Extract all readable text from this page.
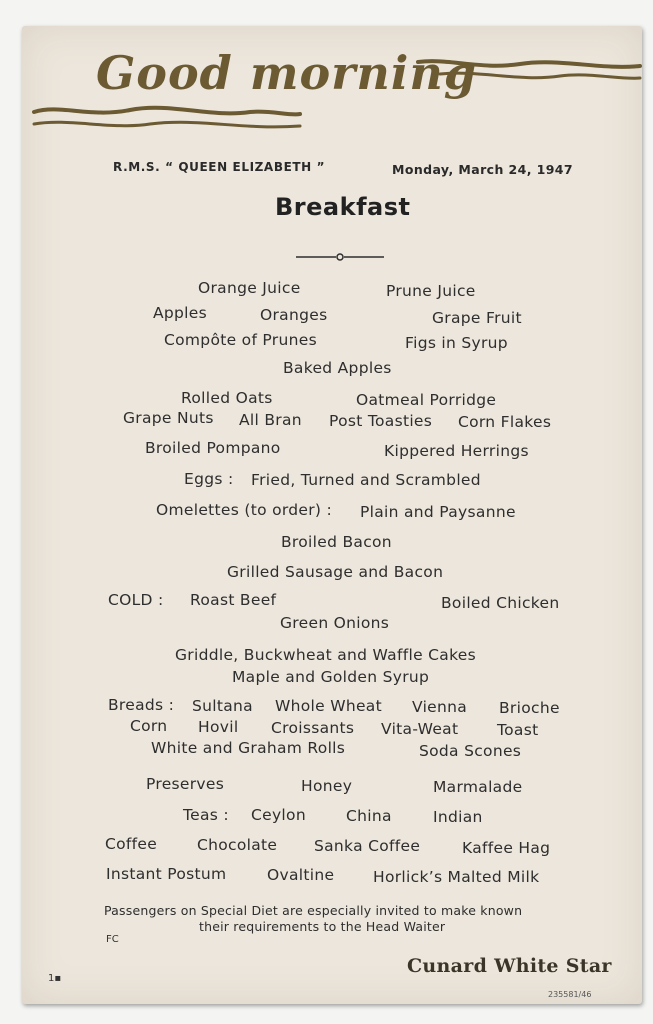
Good morning
R.M.S. “ QUEEN ELIZABETH ”	Monday, March 24, 1947
Breakfast
Orange Juice	Prune Juice
Apples	Oranges	Grape Fruit
Compôte of Prunes	Figs in Syrup
Baked Apples
Rolled Oats	Oatmeal Porridge
Grape Nuts All Bran Post Toasties Corn Flakes
Broiled Pompano	Kippered Herrings
Eggs : Fried, Turned and Scrambled
Omelettes (to order) : Plain and Paysanne
Broiled Bacon
Grilled Sausage and Bacon
COLD : Roast Beef	Boiled Chicken
Green Onions
Griddle, Buckwheat and Waffle Cakes
Maple and Golden Syrup
Breads : Sultana Whole Wheat Vienna Brioche
Corn Hovil Croissants Vita-Weat Toast
White and Graham Rolls	Soda Scones
Preserves	Honey	Marmalade
Teas : Ceylon	China	Indian
Coffee	Chocolate Sanka Coffee	Kaffee Hag
Instant Postum	Ovaltine Horlick’s Malted Milk
Passengers on Special Diet are especially invited to make known
their requirements to the Head Waiter
FC
1▪
Cunard White Star
235581/46
